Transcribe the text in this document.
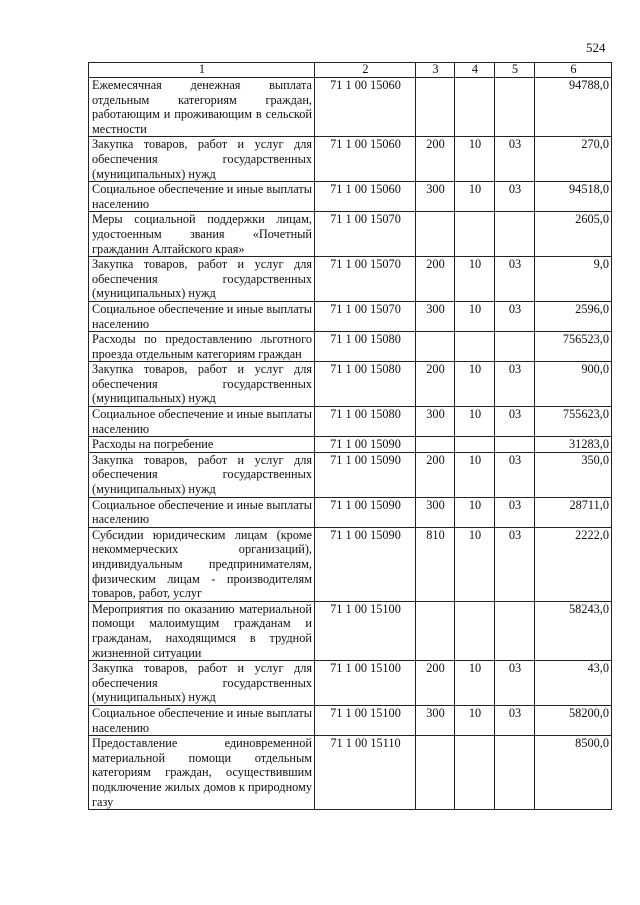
524
1	2	3	4	5	6
Ежемесячная денежная выплата отдельным категориям граждан, работающим и проживающим в сельской местности	71 1 00 15060				94788,0
Закупка товаров, работ и услуг для обеспечения государственных (муниципальных) нужд	71 1 00 15060	200	10	03	270,0
Социальное обеспечение и иные выплаты населению	71 1 00 15060	300	10	03	94518,0
Меры социальной поддержки лицам, удостоенным звания «Почетный гражданин Алтайского края»	71 1 00 15070				2605,0
Закупка товаров, работ и услуг для обеспечения государственных (муниципальных) нужд	71 1 00 15070	200	10	03	9,0
Социальное обеспечение и иные выплаты населению	71 1 00 15070	300	10	03	2596,0
Расходы по предоставлению льготного проезда отдельным категориям граждан	71 1 00 15080				756523,0
Закупка товаров, работ и услуг для обеспечения государственных (муниципальных) нужд	71 1 00 15080	200	10	03	900,0
Социальное обеспечение и иные выплаты населению	71 1 00 15080	300	10	03	755623,0
Расходы на погребение	71 1 00 15090				31283,0
Закупка товаров, работ и услуг для обеспечения государственных (муниципальных) нужд	71 1 00 15090	200	10	03	350,0
Социальное обеспечение и иные выплаты населению	71 1 00 15090	300	10	03	28711,0
Субсидии юридическим лицам (кроме некоммерческих организаций), индивидуальным предпринимателям, физическим лицам - производителям товаров, работ, услуг	71 1 00 15090	810	10	03	2222,0
Мероприятия по оказанию материальной помощи малоимущим гражданам и гражданам, находящимся в трудной жизненной ситуации	71 1 00 15100				58243,0
Закупка товаров, работ и услуг для обеспечения государственных (муниципальных) нужд	71 1 00 15100	200	10	03	43,0
Социальное обеспечение и иные выплаты населению	71 1 00 15100	300	10	03	58200,0
Предоставление единовременной материальной помощи отдельным категориям граждан, осуществившим подключение жилых домов к природному газу	71 1 00 15110				8500,0
